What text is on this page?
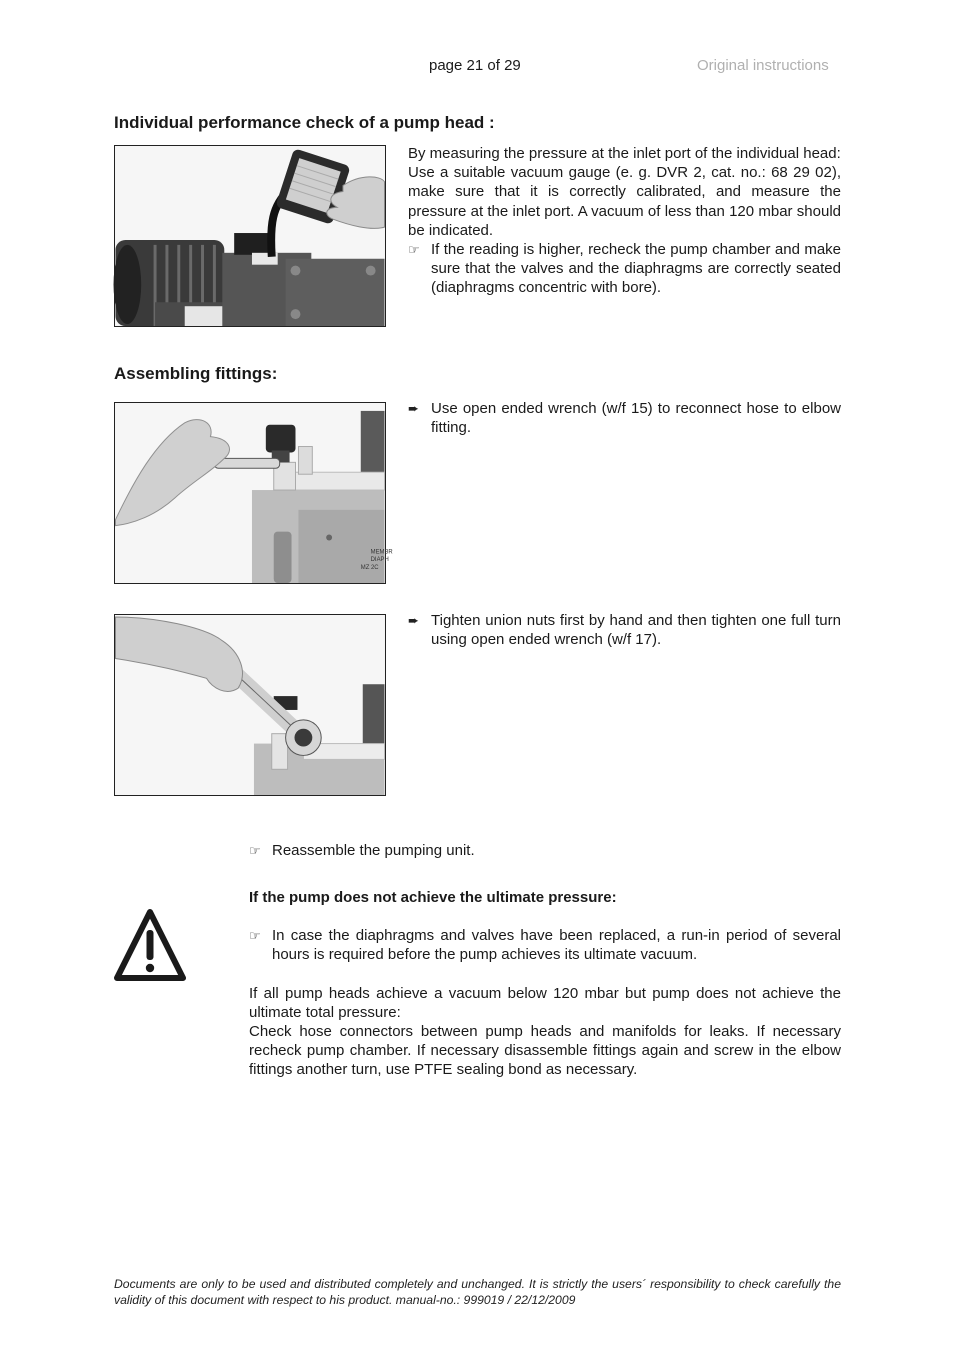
page 21 of 29	Original instructions
Individual performance check of a pump head :

By measuring the pressure at the inlet port of the individual head:

Use a suitable vacuum gauge (e. g. DVR 2, cat. no.: 68 29 02), make sure that it is correctly calibrated, and measure the pressure at the inlet port. A vacuum of less than 120 mbar should be indicated.

☞ If the reading is higher, recheck the pump chamber and make sure that the valves and the diaphragms are correctly seated (diaphragms concentric with bore).
Assembling fittings:
MEMBR
DIAPH
MZ 2C
➨ Use open ended wrench (w/f 15) to reconnect hose to elbow fitting.
➨ Tighten union nuts first by hand and then tighten one full turn using open ended wrench (w/f 17).
☞ Reassemble the pumping unit.

If the pump does not achieve the ultimate pressure:

☞ In case the diaphragms and valves have been replaced, a run-in period of several hours is required before the pump achieves its ultimate vacuum.

If all pump heads achieve a vacuum below 120 mbar but pump does not achieve the ultimate total pressure:

Check hose connectors between pump heads and manifolds for leaks. If necessary recheck pump chamber. If necessary disassemble fittings again and screw in the elbow fittings another turn, use PTFE sealing bond as necessary.

Documents are only to be used and distributed completely and unchanged. It is strictly the users´ responsibility to check carefully the validity of this document with respect to his product. manual-no.: 999019 / 22/12/2009
